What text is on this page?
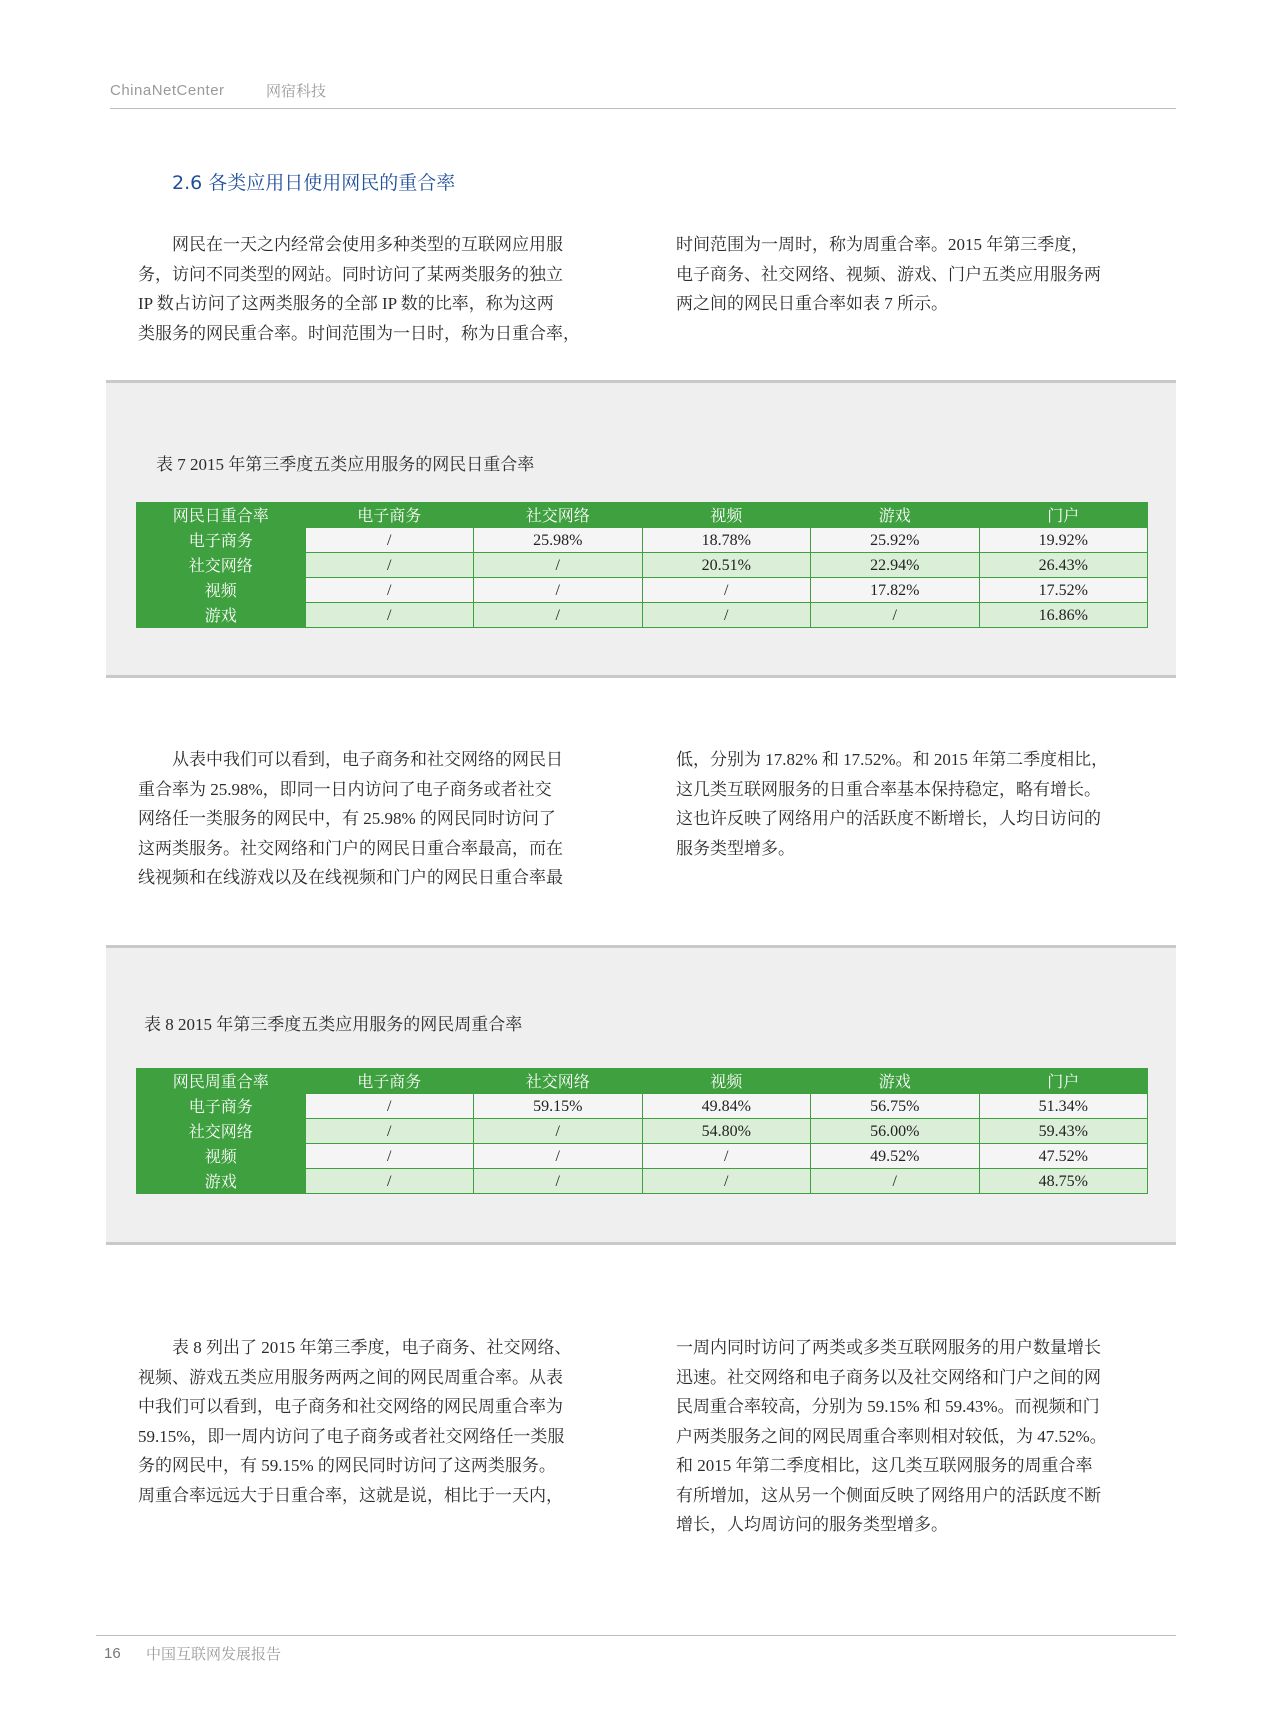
ChinaNetCenter	网宿科技
2.6 各类应用日使用网民的重合率

网民在一天之内经常会使用多种类型的互联网应用服

务，访问不同类型的网站。同时访问了某两类服务的独立

IP 数占访问了这两类服务的全部 IP 数的比率，称为这两

类服务的网民重合率。时间范围为一日时，称为日重合率，

时间范围为一周时，称为周重合率。2015 年第三季度，

电子商务、社交网络、视频、游戏、门户五类应用服务两

两之间的网民日重合率如表 7 所示。

表 7 2015 年第三季度五类应用服务的网民日重合率
网民日重合率	电子商务	社交网络	视频	游戏	门户
电子商务	/	25.98%	18.78%	25.92%	19.92%
社交网络	/	/	20.51%	22.94%	26.43%
视频	/	/	/	17.82%	17.52%
游戏	/	/	/	/	16.86%

从表中我们可以看到，电子商务和社交网络的网民日

重合率为 25.98%，即同一日内访问了电子商务或者社交

网络任一类服务的网民中，有 25.98% 的网民同时访问了

这两类服务。社交网络和门户的网民日重合率最高，而在

线视频和在线游戏以及在线视频和门户的网民日重合率最

低，分别为 17.82% 和 17.52%。和 2015 年第二季度相比，

这几类互联网服务的日重合率基本保持稳定，略有增长。

这也许反映了网络用户的活跃度不断增长，人均日访问的

服务类型增多。

表 8 2015 年第三季度五类应用服务的网民周重合率
网民周重合率	电子商务	社交网络	视频	游戏	门户
电子商务	/	59.15%	49.84%	56.75%	51.34%
社交网络	/	/	54.80%	56.00%	59.43%
视频	/	/	/	49.52%	47.52%
游戏	/	/	/	/	48.75%

表 8 列出了 2015 年第三季度，电子商务、社交网络、

视频、游戏五类应用服务两两之间的网民周重合率。从表

中我们可以看到，电子商务和社交网络的网民周重合率为

59.15%，即一周内访问了电子商务或者社交网络任一类服

务的网民中，有 59.15% 的网民同时访问了这两类服务。

周重合率远远大于日重合率，这就是说，相比于一天内，

一周内同时访问了两类或多类互联网服务的用户数量增长

迅速。社交网络和电子商务以及社交网络和门户之间的网

民周重合率较高，分别为 59.15% 和 59.43%。而视频和门

户两类服务之间的网民周重合率则相对较低，为 47.52%。

和 2015 年第二季度相比，这几类互联网服务的周重合率

有所增加，这从另一个侧面反映了网络用户的活跃度不断

增长，人均周访问的服务类型增多。

16 中国互联网发展报告
